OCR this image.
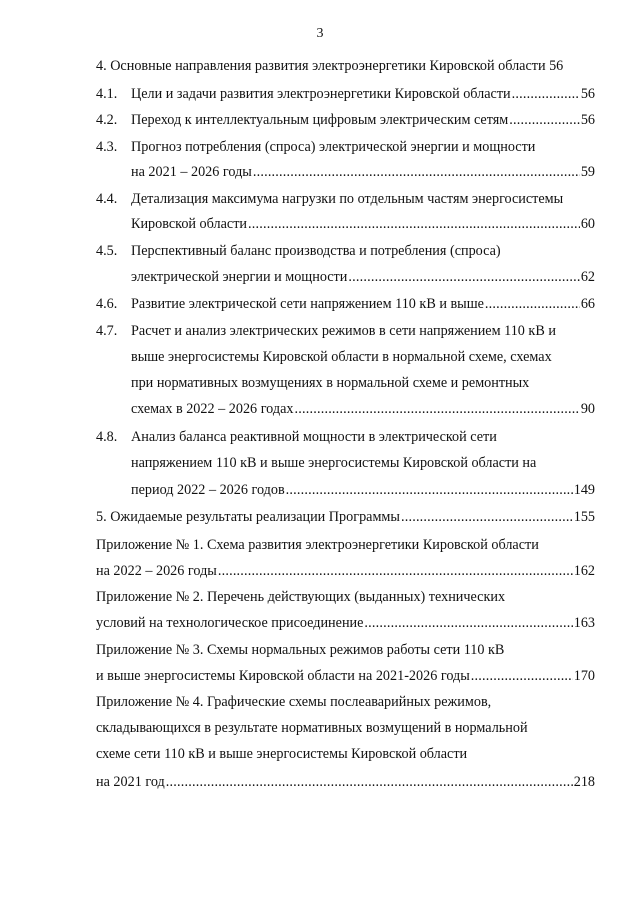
3
4. Основные направления развития электроэнергетики Кировской области 56
4.1. Цели и задачи развития электроэнергетики Кировской области .....	56
4.2. Переход к интеллектуальным цифровым электрическим сетям .....	56
4.3. Прогноз потребления (спроса) электрической энергии и мощности
на 2021 – 2026 годы .....	59
4.4. Детализация максимума нагрузки по отдельным частям энергосистемы
Кировской области .....	60
4.5. Перспективный баланс производства и потребления (спроса)
электрической энергии и мощности .....	62
4.6. Развитие электрической сети напряжением 110 кВ и выше .....	66
4.7. Расчет и анализ электрических режимов в сети напряжением 110 кВ и
выше энергосистемы Кировской области в нормальной схеме, схемах
при нормативных возмущениях в нормальной схеме и ремонтных
схемах в 2022 – 2026 годах .....	90
4.8. Анализ баланса реактивной мощности в электрической сети
напряжением 110 кВ и выше энергосистемы Кировской области на
период 2022 – 2026 годов .....	149
5. Ожидаемые результаты реализации Программы .....	155
Приложение № 1. Схема развития электроэнергетики Кировской области
на 2022 – 2026 годы .....	162
Приложение № 2. Перечень действующих (выданных) технических
условий на технологическое присоединение .....	163
Приложение № 3. Схемы нормальных режимов работы сети 110 кВ
и выше энергосистемы Кировской области на 2021-2026 годы .....	170
Приложение № 4. Графические схемы послеаварийных режимов,
складывающихся в результате нормативных возмущений в нормальной
схеме сети 110 кВ и выше энергосистемы Кировской области
на 2021 год .....	218
